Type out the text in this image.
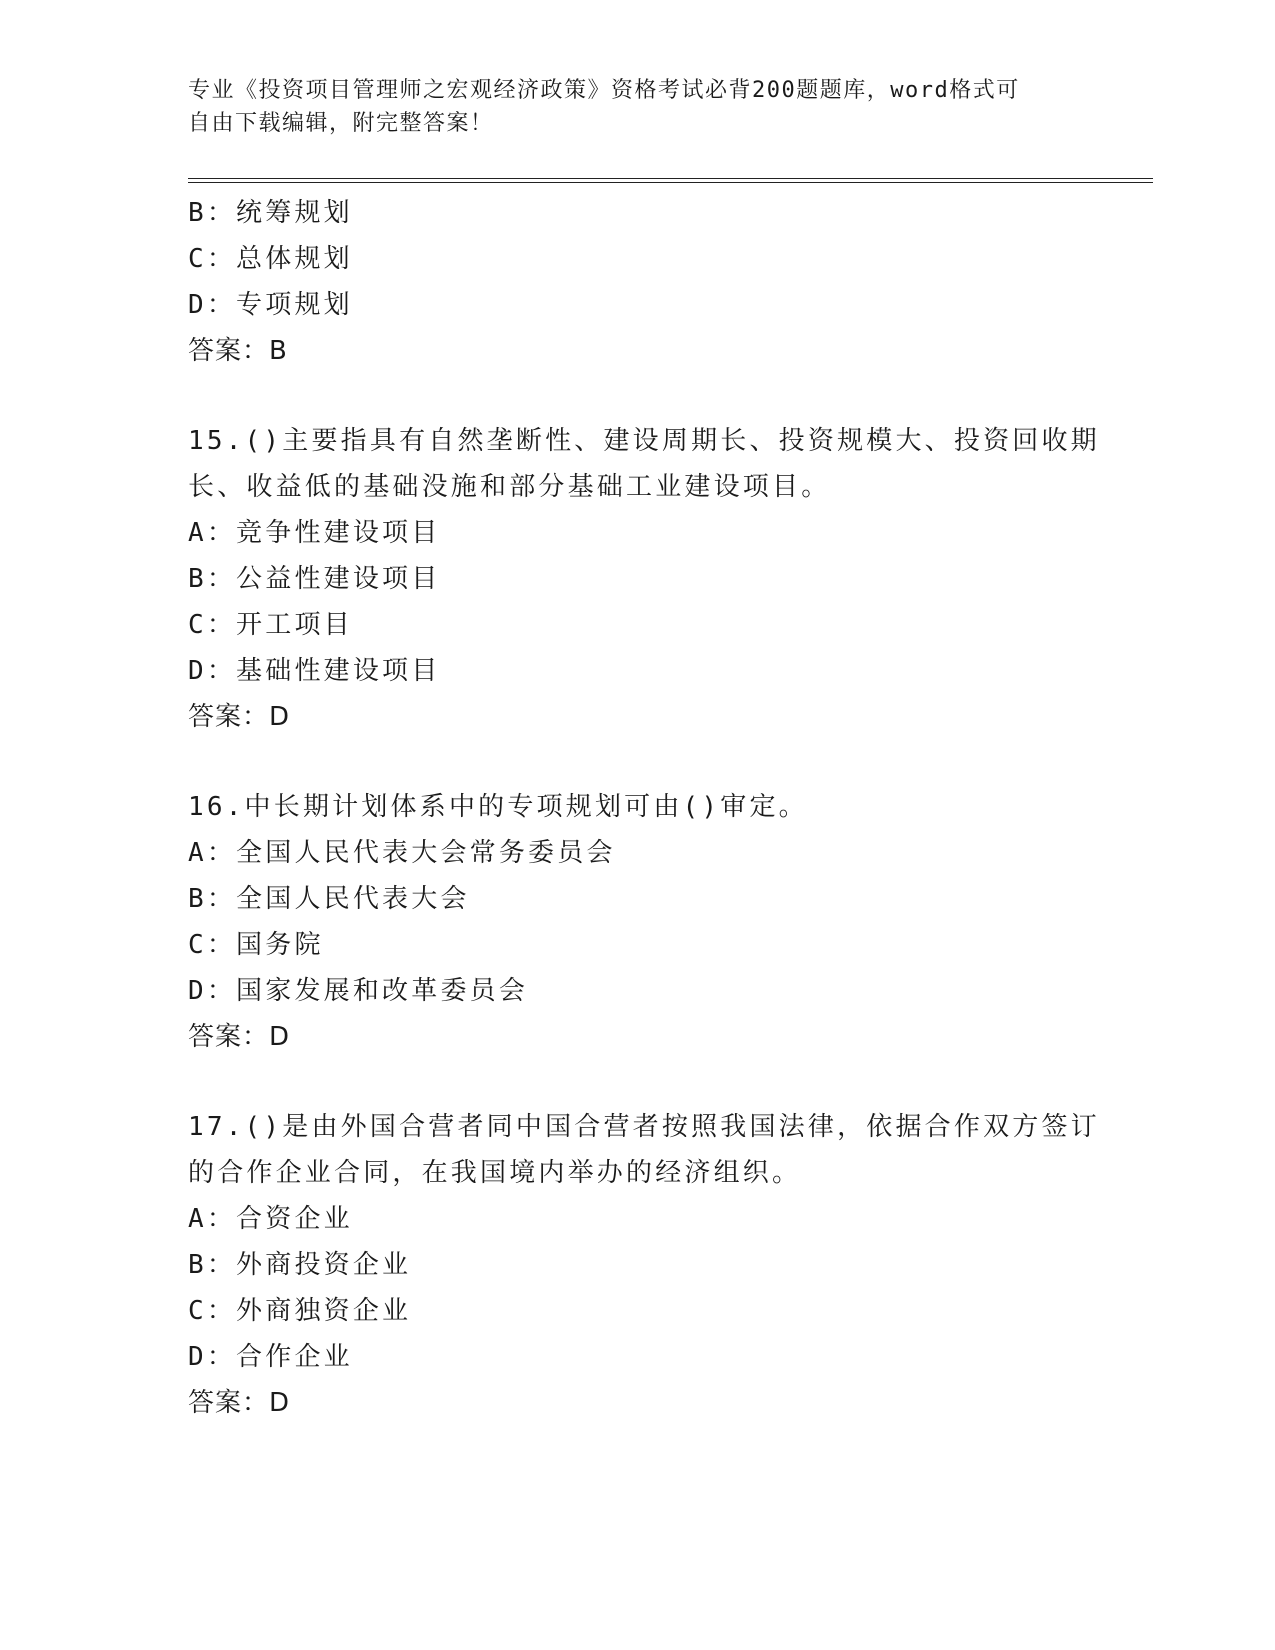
专业《投资项目管理师之宏观经济政策》资格考试必背200题题库，word格式可
自由下载编辑，附完整答案！
B：统筹规划
C：总体规划
D：专项规划
答案：B
15.()主要指具有自然垄断性、建设周期长、投资规模大、投资回收期
长、收益低的基础没施和部分基础工业建设项目。
A：竞争性建设项目
B：公益性建设项目
C：开工项目
D：基础性建设项目
答案：D
16.中长期计划体系中的专项规划可由()审定。
A：全国人民代表大会常务委员会
B：全国人民代表大会
C：国务院
D：国家发展和改革委员会
答案：D
17.()是由外国合营者同中国合营者按照我国法律，依据合作双方签订
的合作企业合同，在我国境内举办的经济组织。
A：合资企业
B：外商投资企业
C：外商独资企业
D：合作企业
答案：D
